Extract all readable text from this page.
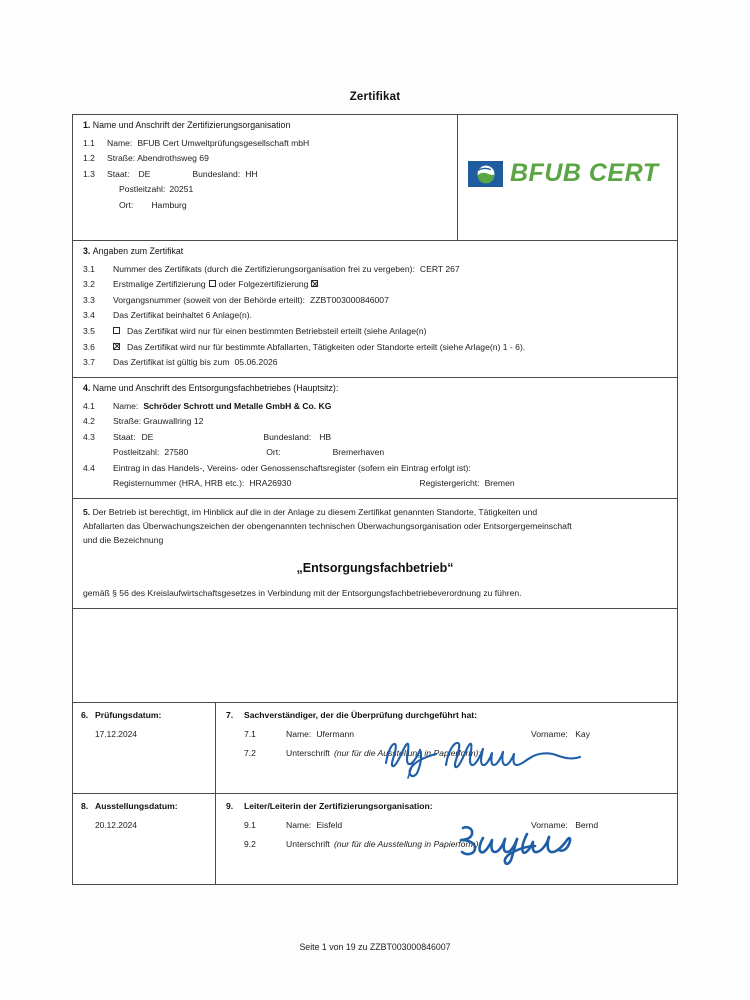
Zertifikat
1. Name und Anschrift der Zertifizierungsorganisation
1.1	Name: BFUB Cert Umweltprüfungsgesellschaft mbH
1.2	Straße: Abendrothsweg 69
1.3	Staat: DE	Bundesland: HH
Postleitzahl: 20251
Ort: Hamburg
BFUB CERT
3. Angaben zum Zertifikat
3.1	Nummer des Zertifikats (durch die Zertifizierungsorganisation frei zu vergeben): CERT 267
3.2	Erstmalige Zertifizierung oder Folgezertifizierung
3.3	Vorgangsnummer (soweit von der Behörde erteilt): ZZBT003000846007
3.4	Das Zertifikat beinhaltet 6 Anlage(n).
3.5	Das Zertifikat wird nur für einen bestimmten Betriebsteil erteilt (siehe Anlage(n)
3.6	Das Zertifikat wird nur für bestimmte Abfallarten, Tätigkeiten oder Standorte erteilt (siehe Arlage(n) 1 - 6).
3.7	Das Zertifikat ist gültig bis zum 05.06.2026
4. Name und Anschrift des Entsorgungsfachbetriebes (Hauptsitz):
4.1	Name: Schröder Schrott und Metalle GmbH & Co. KG
4.2	Straße: Grauwallring 12
4.3	Staat: DE	Bundesland: HB
Postleitzahl: 27580	Ort:	Bremerhaven
4.4	Eintrag in das Handels-, Vereins- oder Genossenschaftsregister (sofern ein Eintrag erfolgt ist):
Registernummer (HRA, HRB etc.): HRA26930	Registergericht: Bremen

5. Der Betrieb ist berechtigt, im Hinblick auf die in der Anlage zu diesem Zertifikat genannten Standorte, Tätigkeiten und
Abfallarten das Überwachungszeichen der obengenannten technischen Überwachungsorganisation oder Entsorgergemeinschaft
und die Bezeichnung

„Entsorgungsfachbetrieb“

gemäß § 56 des Kreislaufwirtschaftsgesetzes in Verbindung mit der Entsorgungsfachbetriebeverordnung zu führen.

6. Prüfungsdatum:
17.12.2024
7. Sachverständiger, der die Überprüfung durchgeführt hat:
7.1	Name: Ufermann	Vorname: Kay
7.2	Unterschrift (nur für die Ausstellung in Papierform):
8. Ausstellungsdatum:
20.12.2024
9. Leiter/Leiterin der Zertifizierungsorganisation:
9.1	Name: Eisfeld	Vorname: Bernd
9.2	Unterschrift (nur für die Ausstellung in Papierform):
Seite 1 von 19 zu ZZBT003000846007
